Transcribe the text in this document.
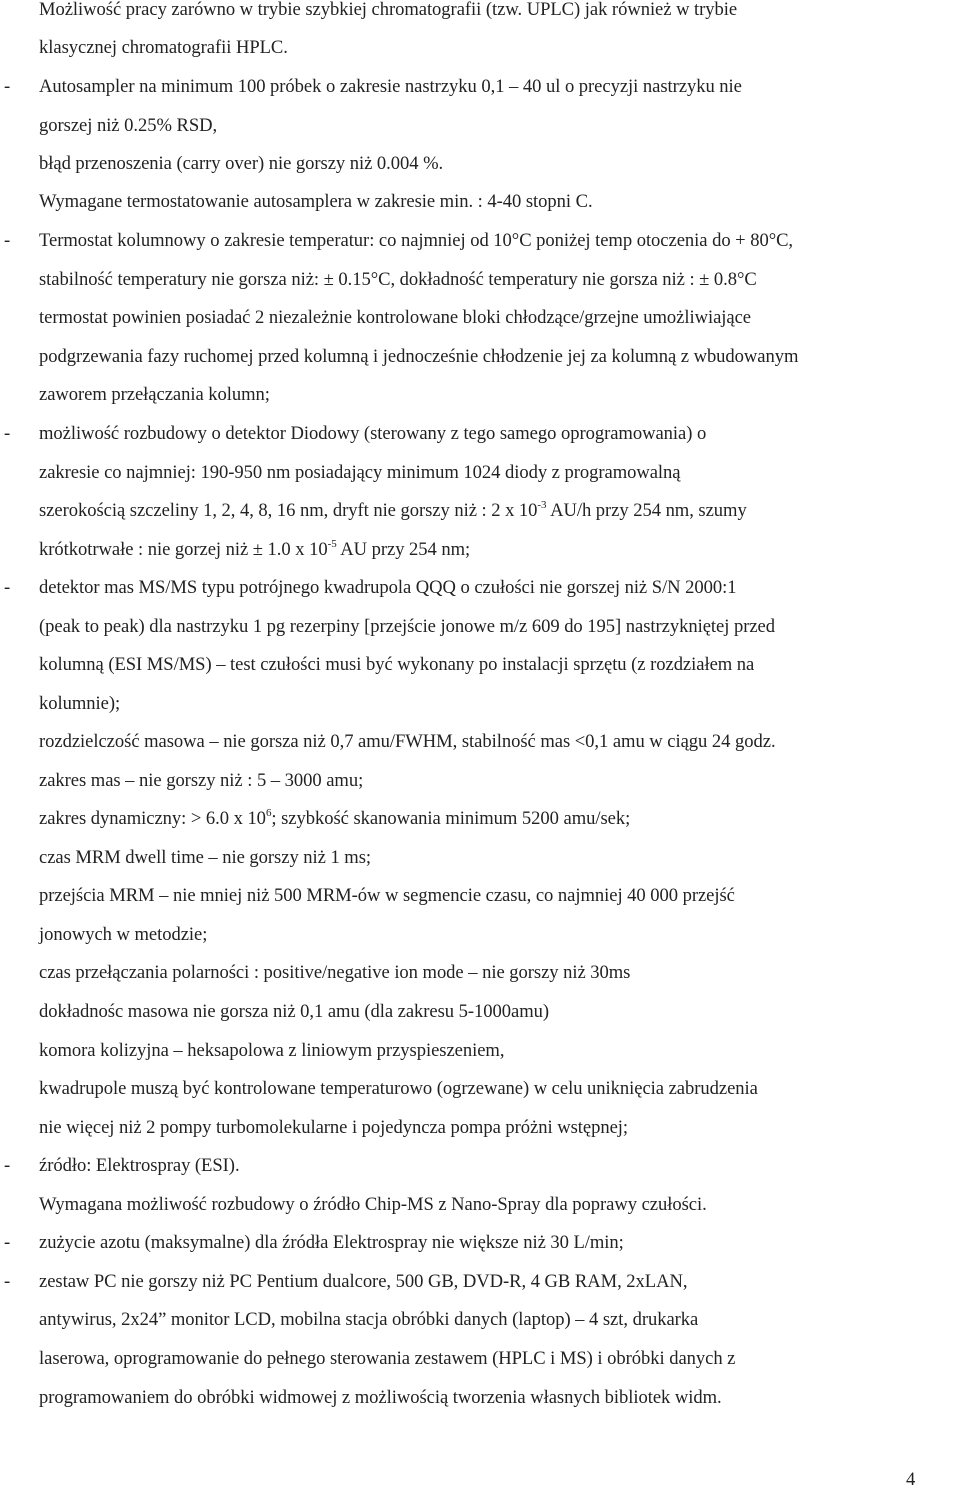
Możliwość pracy zarówno w trybie szybkiej chromatografii (tzw. UPLC) jak również w trybie
klasycznej chromatografii HPLC.
- Autosampler na minimum 100 próbek o zakresie nastrzyku 0,1 – 40 ul o precyzji nastrzyku nie
gorszej niż 0.25% RSD,
błąd przenoszenia (carry over) nie gorszy niż 0.004 %.
Wymagane termostatowanie autosamplera w zakresie min. : 4-40 stopni C.
- Termostat kolumnowy o zakresie temperatur: co najmniej od 10°C poniżej temp otoczenia do + 80°C,
stabilność temperatury nie gorsza niż: ± 0.15°C, dokładność temperatury nie gorsza niż : ± 0.8°C
termostat powinien posiadać 2 niezależnie kontrolowane bloki chłodzące/grzejne umożliwiające
podgrzewania fazy ruchomej przed kolumną i jednocześnie chłodzenie jej za kolumną z wbudowanym
zaworem przełączania kolumn;
- możliwość rozbudowy o detektor Diodowy (sterowany z tego samego oprogramowania) o
zakresie co najmniej: 190-950 nm posiadający minimum 1024 diody z programowalną
szerokością szczeliny 1, 2, 4, 8, 16 nm, dryft nie gorszy niż : 2 x $10^{-3}$ AU/h przy 254 nm, szumy
krótkotrwałe : nie gorzej niż ± 1.0 x $10^{-5}$ AU przy 254 nm;
- detektor mas MS/MS typu potrójnego kwadrupola QQQ o czułości nie gorszej niż S/N 2000:1
(peak to peak) dla nastrzyku 1 pg rezerpiny [przejście jonowe m/z 609 do 195] nastrzykniętej przed
kolumną (ESI MS/MS) – test czułości musi być wykonany po instalacji sprzętu (z rozdziałem na
kolumnie);
rozdzielczość masowa – nie gorsza niż 0,7 amu/FWHM, stabilność mas <0,1 amu w ciągu 24 godz.
zakres mas – nie gorszy niż : 5 – 3000 amu;
zakres dynamiczny: > 6.0 x $10^6$; szybkość skanowania minimum 5200 amu/sek;
czas MRM dwell time – nie gorszy niż 1 ms;
przejścia MRM – nie mniej niż 500 MRM-ów w segmencie czasu, co najmniej 40 000 przejść
jonowych w metodzie;
czas przełączania polarności : positive/negative ion mode – nie gorszy niż 30ms
dokładnośc masowa nie gorsza niż 0,1 amu (dla zakresu 5-1000amu)
komora kolizyjna – heksapolowa z liniowym przyspieszeniem,
kwadrupole muszą być kontrolowane temperaturowo (ogrzewane) w celu uniknięcia zabrudzenia
nie więcej niż 2 pompy turbomolekularne i pojedyncza pompa próżni wstępnej;
- źródło: Elektrospray (ESI).
Wymagana możliwość rozbudowy o źródło Chip-MS z Nano-Spray dla poprawy czułości.
- zużycie azotu (maksymalne) dla źródła Elektrospray nie większe niż 30 L/min;
- zestaw PC nie gorszy niż PC Pentium dualcore, 500 GB, DVD-R, 4 GB RAM, 2xLAN,
antywirus, 2x24” monitor LCD, mobilna stacja obróbki danych (laptop) – 4 szt, drukarka
laserowa, oprogramowanie do pełnego sterowania zestawem (HPLC i MS) i obróbki danych z
programowaniem do obróbki widmowej z możliwością tworzenia własnych bibliotek widm.
4
